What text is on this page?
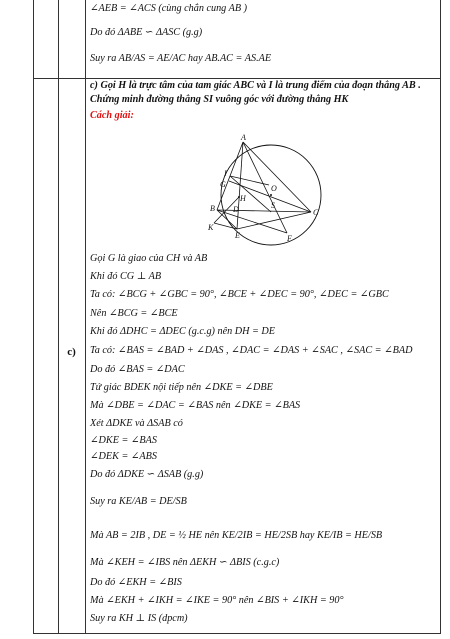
c)
∠AEB = ∠ACS (cùng chắn cung AB )
Do đó ΔABE ∽ ΔASC (g.g)
Suy ra AB/AS = AE/AC hay AB.AC = AS.AE
c) Gọi H là trực tâm của tam giác ABC và I là trung điểm của đoạn thẳng AB .
Chứng minh đường thẳng SI vuông góc với đường thẳng HK
Cách giải:
Gọi G là giao của CH và AB
Khi đó CG ⊥ AB
Ta có: ∠BCG + ∠GBC = 90°, ∠BCE + ∠DEC = 90°, ∠DEC = ∠GBC
Nên ∠BCG = ∠BCE
Khi đó ΔDHC = ΔDEC (g.c.g) nên DH = DE
Ta có: ∠BAS = ∠BAD + ∠DAS , ∠DAC = ∠DAS + ∠SAC , ∠SAC = ∠BAD
Do đó ∠BAS = ∠DAC
Tứ giác BDEK nội tiếp nên ∠DKE = ∠DBE
Mà ∠DBE = ∠DAC = ∠BAS nên ∠DKE = ∠BAS
Xét ΔDKE và ΔSAB có
∠DKE = ∠BAS
∠DEK = ∠ABS
Do đó ΔDKE ∽ ΔSAB (g.g)
Suy ra KE/AB = DE/SB
Mà AB = 2IB , DE = ½ HE nên KE/2IB = HE/2SB hay KE/IB = HE/SB
Mà ∠KEH = ∠IBS nên ΔEKH ∽ ΔBIS (c.g.c)
Do đó ∠EKH = ∠BIS
Mà ∠EKH + ∠IKH = ∠IKE = 90° nên ∠BIS + ∠IKH = 90°
Suy ra KH ⊥ IS (dpcm)
A
B	C
D
E	F
G
H
I
K
O
S
